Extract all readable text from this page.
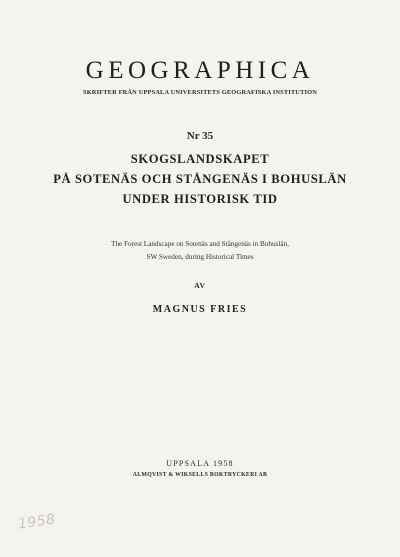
GEOGRAPHICA
SKRIFTER FRÅN UPPSALA UNIVERSITETS GEOGRAFISKA INSTITUTION
Nr 35
SKOGSLANDSKAPET
PÅ SOTENÄS OCH STÅNGENÄS I BOHUSLÄN
UNDER HISTORISK TID
The Forest Landscape on Sotenäs and Stångenäs in Bohuslän,
SW Sweden, during Historical Times
AV
MAGNUS FRIES
UPPSALA 1958
ALMQVIST & WIKSELLS BOKTRYCKERI AB
1958
